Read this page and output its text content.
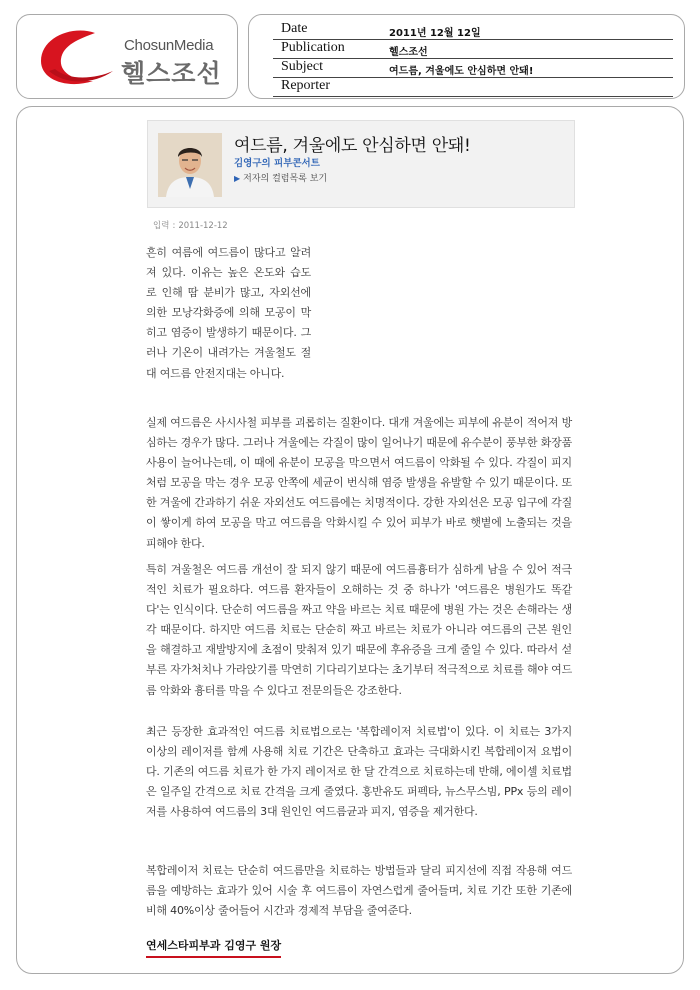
ChosunMedia
헬스조선
Date	2011년 12월 12일
Publication	헬스조선
Subject	여드름, 겨울에도 안심하면 안돼!
Reporter
여드름, 겨울에도 안심하면 안돼!
김영구의 피부콘서트
▶ 저자의 컬럼목록 보기
입력 : 2011-12-12

흔히 여름에 여드름이 많다고 알려져 있다. 이유는 높은 온도와 습도로 인해 땀 분비가 많고, 자외선에 의한 모낭각화증에 의해 모공이 막히고 염증이 발생하기 때문이다. 그러나 기온이 내려가는 겨울철도 절대 여드름 안전지대는 아니다.

실제 여드름은 사시사철 피부를 괴롭히는 질환이다. 대개 겨울에는 피부에 유분이 적어져 방심하는 경우가 많다. 그러나 겨울에는 각질이 많이 일어나기 때문에 유수분이 풍부한 화장품 사용이 늘어나는데, 이 때에 유분이 모공을 막으면서 여드름이 악화될 수 있다. 각질이 피지처럼 모공을 막는 경우 모공 안쪽에 세균이 번식해 염증 발생을 유발할 수 있기 때문이다. 또한 겨울에 간과하기 쉬운 자외선도 여드름에는 치명적이다. 강한 자외선은 모공 입구에 각질이 쌓이게 하여 모공을 막고 여드름을 악화시킬 수 있어 피부가 바로 햇볕에 노출되는 것을 피해야 한다.

특히 겨울철은 여드름 개선이 잘 되지 않기 때문에 여드름흉터가 심하게 남을 수 있어 적극적인 치료가 필요하다. 여드름 환자들이 오해하는 것 중 하나가 '여드름은 병원가도 똑같다'는 인식이다. 단순히 여드름을 짜고 약을 바르는 치료 때문에 병원 가는 것은 손해라는 생각 때문이다. 하지만 여드름 치료는 단순히 짜고 바르는 치료가 아니라 여드름의 근본 원인을 해결하고 재발방지에 초점이 맞춰져 있기 때문에 후유증을 크게 줄일 수 있다. 따라서 섣부른 자가처치나 가라앉기를 막연히 기다리기보다는 초기부터 적극적으로 치료를 해야 여드름 악화와 흉터를 막을 수 있다고 전문의들은 강조한다.

최근 등장한 효과적인 여드름 치료법으로는 '복합레이저 치료법'이 있다. 이 치료는 3가지 이상의 레이저를 함께 사용해 치료 기간은 단축하고 효과는 극대화시킨 복합레이저 요법이다. 기존의 여드름 치료가 한 가지 레이저로 한 달 간격으로 치료하는데 반해, 에이셀 치료법은 일주일 간격으로 치료 간격을 크게 줄였다. 홍반유도 퍼펙타, 뉴스무스빔, PPx 등의 레이저를 사용하여 여드름의 3대 원인인 여드름균과 피지, 염증을 제거한다.

복합레이저 치료는 단순히 여드름만을 치료하는 방법들과 달리 피지선에 직접 작용해 여드름을 예방하는 효과가 있어 시술 후 여드름이 자연스럽게 줄어들며, 치료 기간 또한 기존에 비해 40%이상 줄어들어 시간과 경제적 부담을 줄여준다.

연세스타피부과 김영구 원장
